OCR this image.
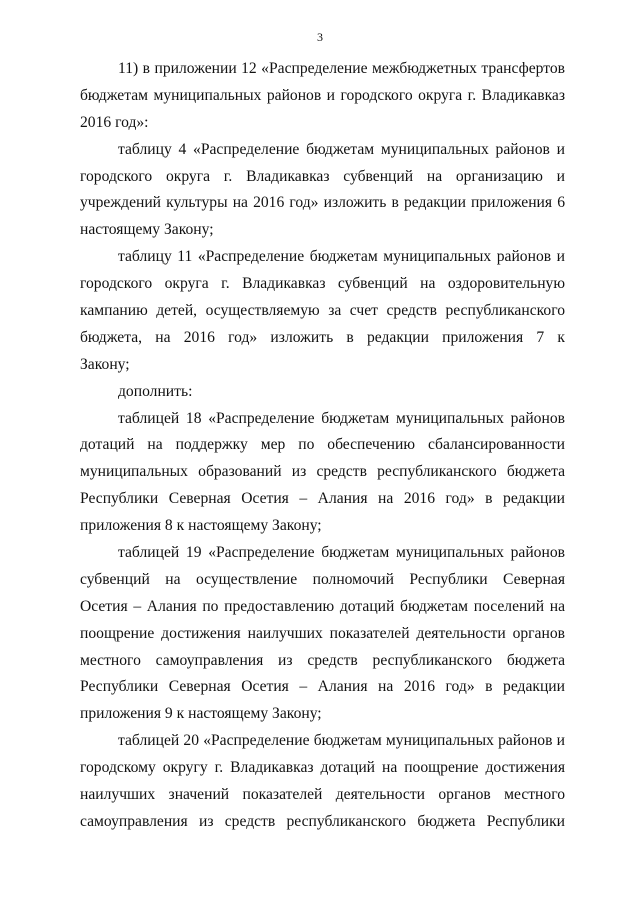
3
11) в приложении 12 «Распределение межбюджетных трансфертов
бюджетам муниципальных районов и городского округа г. Владикавказ
2016 год»:
таблицу 4 «Распределение бюджетам муниципальных районов и
городского округа г. Владикавказ субвенций на организацию и
учреждений культуры на 2016 год» изложить в редакции приложения 6
настоящему Закону;
таблицу 11 «Распределение бюджетам муниципальных районов и
городского округа г. Владикавказ субвенций на оздоровительную
кампанию детей, осуществляемую за счет средств республиканского
бюджета, на 2016 год» изложить в редакции приложения 7 к
Закону;
дополнить:
таблицей 18 «Распределение бюджетам муниципальных районов
дотаций на поддержку мер по обеспечению сбалансированности
муниципальных образований из средств республиканского бюджета
Республики Северная Осетия – Алания на 2016 год» в редакции
приложения 8 к настоящему Закону;
таблицей 19 «Распределение бюджетам муниципальных районов
субвенций на осуществление полномочий Республики Северная
Осетия – Алания по предоставлению дотаций бюджетам поселений на
поощрение достижения наилучших показателей деятельности органов
местного самоуправления из средств республиканского бюджета
Республики Северная Осетия – Алания на 2016 год» в редакции
приложения 9 к настоящему Закону;
таблицей 20 «Распределение бюджетам муниципальных районов и
городскому округу г. Владикавказ дотаций на поощрение достижения
наилучших значений показателей деятельности органов местного
самоуправления из средств республиканского бюджета Республики
